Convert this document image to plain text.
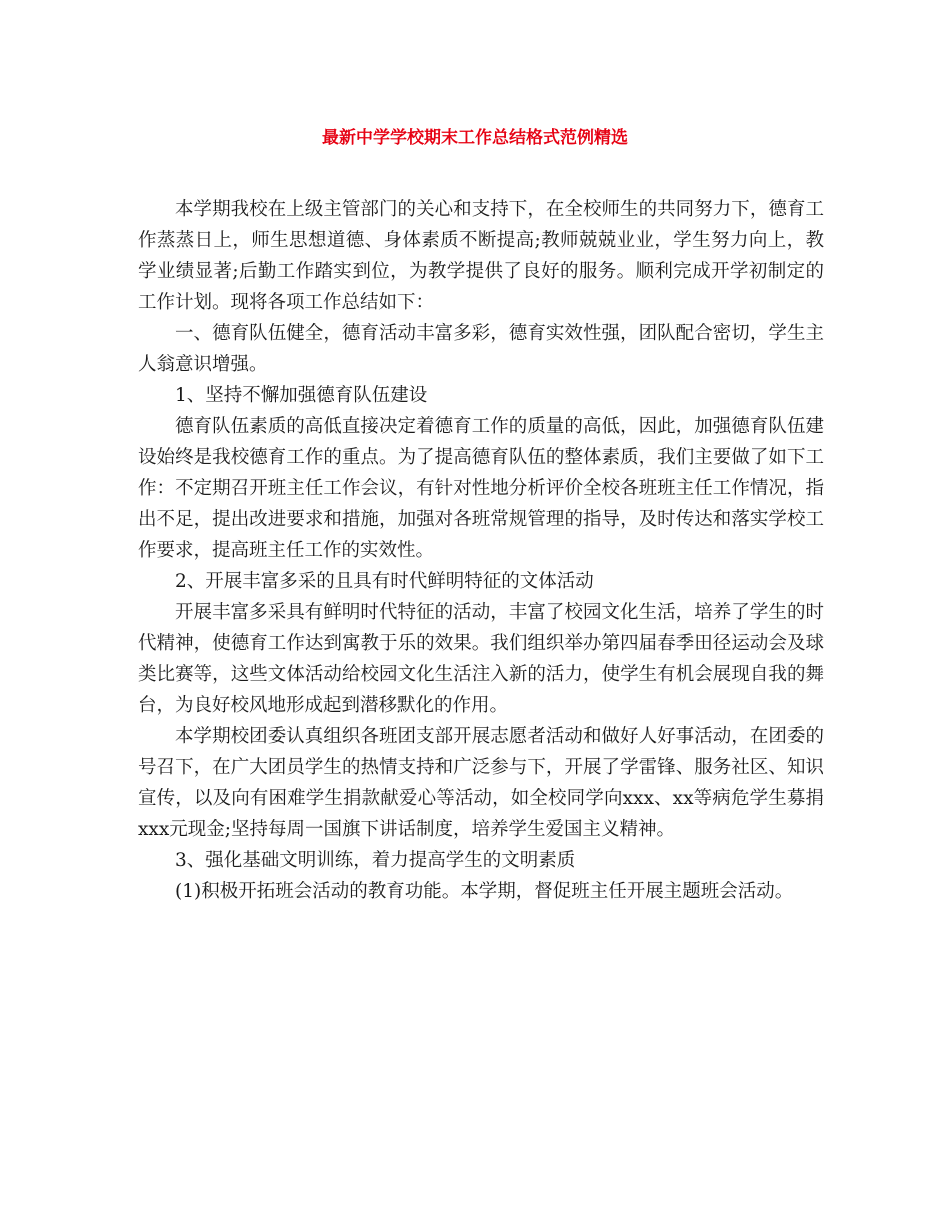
最新中学学校期末工作总结格式范例精选

本学期我校在上级主管部门的关心和支持下，在全校师生的共同努力下，德育工作蒸蒸日上，师生思想道德、身体素质不断提高;教师兢兢业业，学生努力向上，教学业绩显著;后勤工作踏实到位，为教学提供了良好的服务。顺利完成开学初制定的工作计划。现将各项工作总结如下：

一、德育队伍健全，德育活动丰富多彩，德育实效性强，团队配合密切，学生主人翁意识增强。

1、坚持不懈加强德育队伍建设

德育队伍素质的高低直接决定着德育工作的质量的高低，因此，加强德育队伍建设始终是我校德育工作的重点。为了提高德育队伍的整体素质，我们主要做了如下工作：不定期召开班主任工作会议，有针对性地分析评价全校各班班主任工作情况，指出不足，提出改进要求和措施，加强对各班常规管理的指导，及时传达和落实学校工作要求，提高班主任工作的实效性。

2、开展丰富多采的且具有时代鲜明特征的文体活动

开展丰富多采具有鲜明时代特征的活动，丰富了校园文化生活，培养了学生的时代精神，使德育工作达到寓教于乐的效果。我们组织举办第四届春季田径运动会及球类比赛等，这些文体活动给校园文化生活注入新的活力，使学生有机会展现自我的舞台，为良好校风地形成起到潜移默化的作用。

本学期校团委认真组织各班团支部开展志愿者活动和做好人好事活动，在团委的号召下，在广大团员学生的热情支持和广泛参与下，开展了学雷锋、服务社区、知识宣传，以及向有困难学生捐款献爱心等活动，如全校同学向xxx、xx等病危学生募捐xxx元现金;坚持每周一国旗下讲话制度，培养学生爱国主义精神。

3、强化基础文明训练，着力提高学生的文明素质

(1)积极开拓班会活动的教育功能。本学期，督促班主任开展主题班会活动。
